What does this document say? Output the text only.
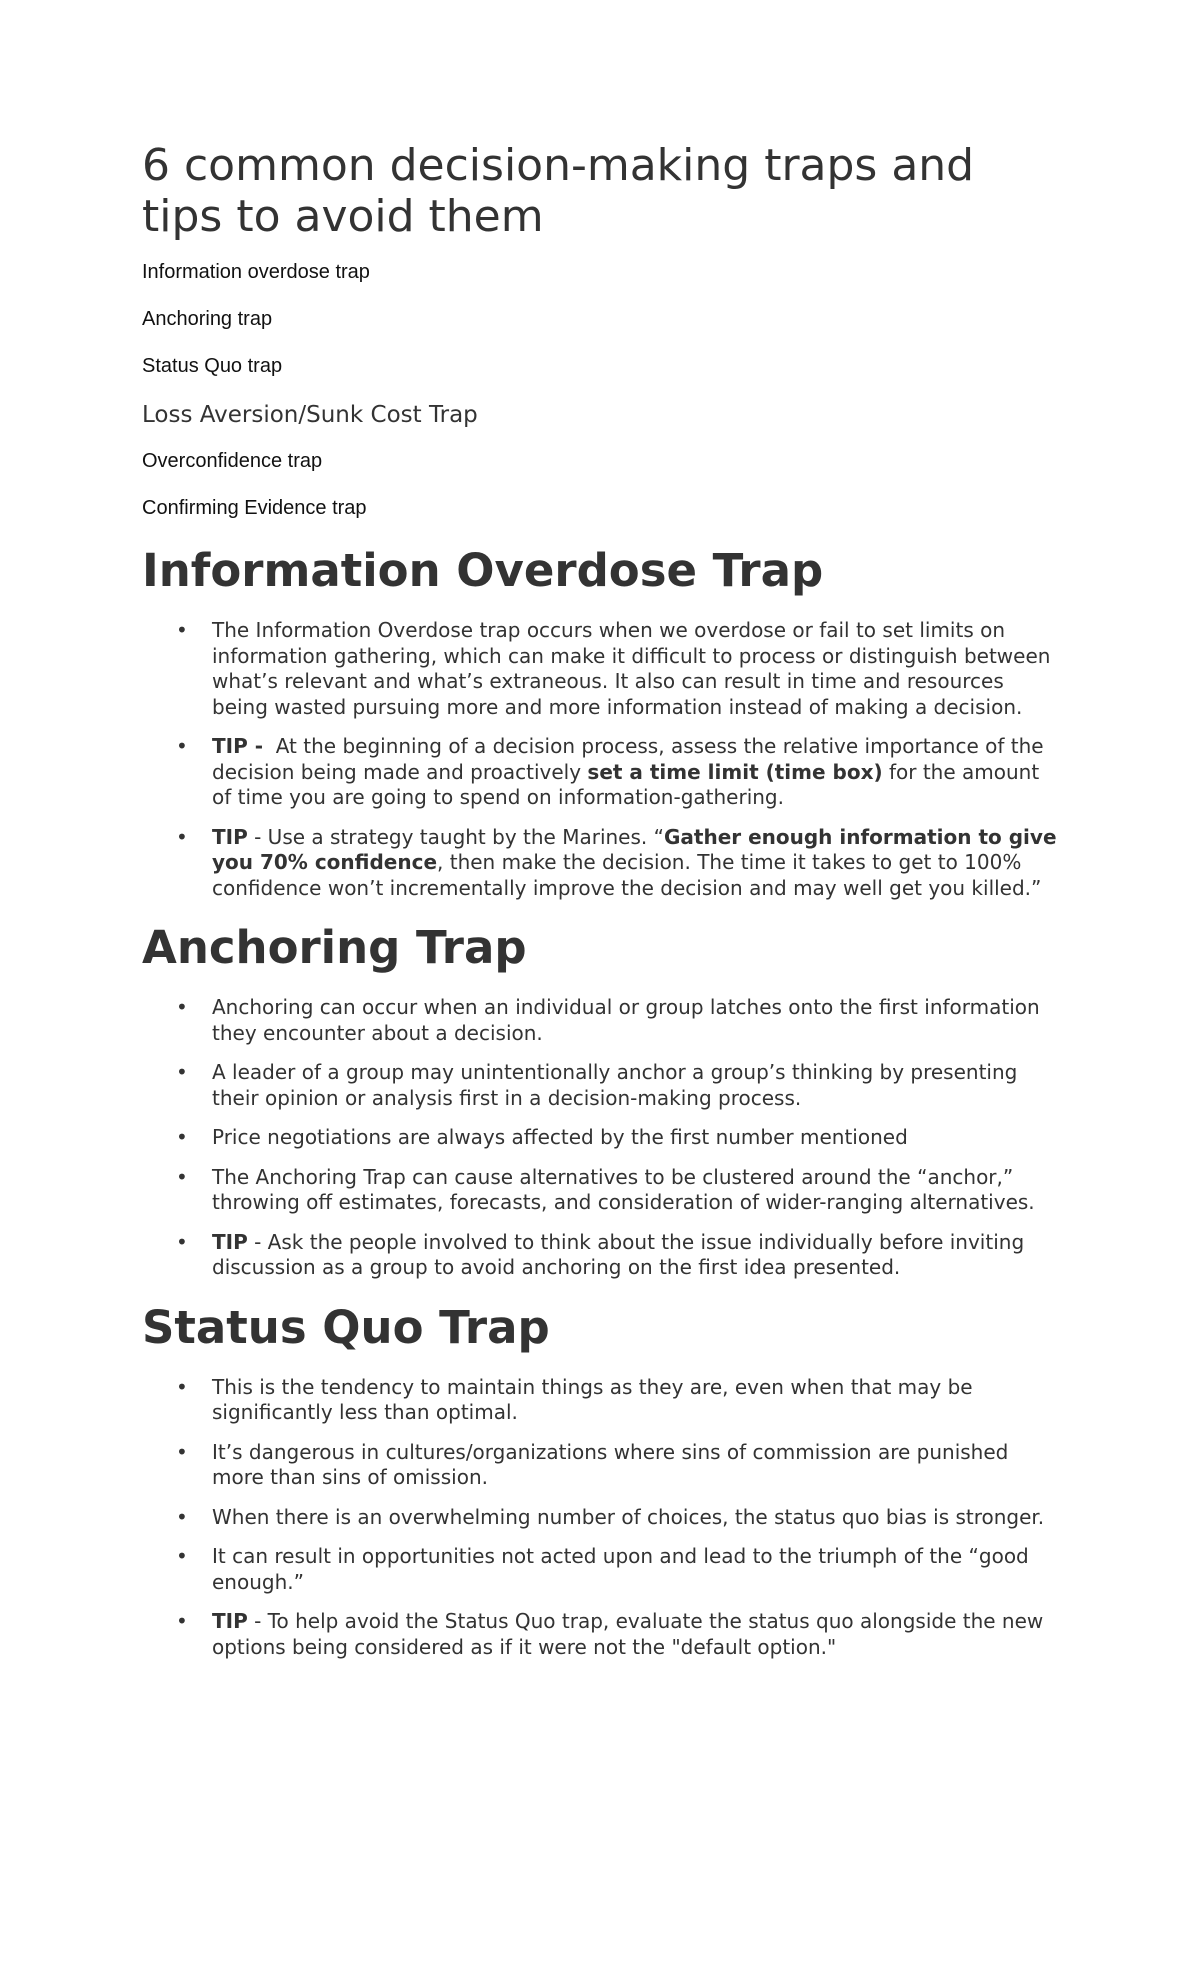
6 common decision-making traps and tips to avoid them
Information overdose trap
Anchoring trap
Status Quo trap
Loss Aversion/Sunk Cost Trap
Overconfidence trap
Confirming Evidence trap
Information Overdose Trap
• The Information Overdose trap occurs when we overdose or fail to set limits on information gathering, which can make it difficult to process or distinguish between what’s relevant and what’s extraneous. It also can result in time and resources being wasted pursuing more and more information instead of making a decision.
• TIP -  At the beginning of a decision process, assess the relative importance of the decision being made and proactively set a time limit (time box) for the amount of time you are going to spend on information-gathering.
• TIP - Use a strategy taught by the Marines. “Gather enough information to give you 70% confidence, then make the decision. The time it takes to get to 100% confidence won’t incrementally improve the decision and may well get you killed.”
Anchoring Trap
• Anchoring can occur when an individual or group latches onto the first information they encounter about a decision.
• A leader of a group may unintentionally anchor a group’s thinking by presenting their opinion or analysis first in a decision-making process.
• Price negotiations are always affected by the first number mentioned
• The Anchoring Trap can cause alternatives to be clustered around the “anchor,” throwing off estimates, forecasts, and consideration of wider-ranging alternatives.
• TIP - Ask the people involved to think about the issue individually before inviting discussion as a group to avoid anchoring on the first idea presented.
Status Quo Trap
• This is the tendency to maintain things as they are, even when that may be significantly less than optimal.
• It’s dangerous in cultures/organizations where sins of commission are punished more than sins of omission.
• When there is an overwhelming number of choices, the status quo bias is stronger.
• It can result in opportunities not acted upon and lead to the triumph of the “good enough.”
• TIP - To help avoid the Status Quo trap, evaluate the status quo alongside the new options being considered as if it were not the "default option."
